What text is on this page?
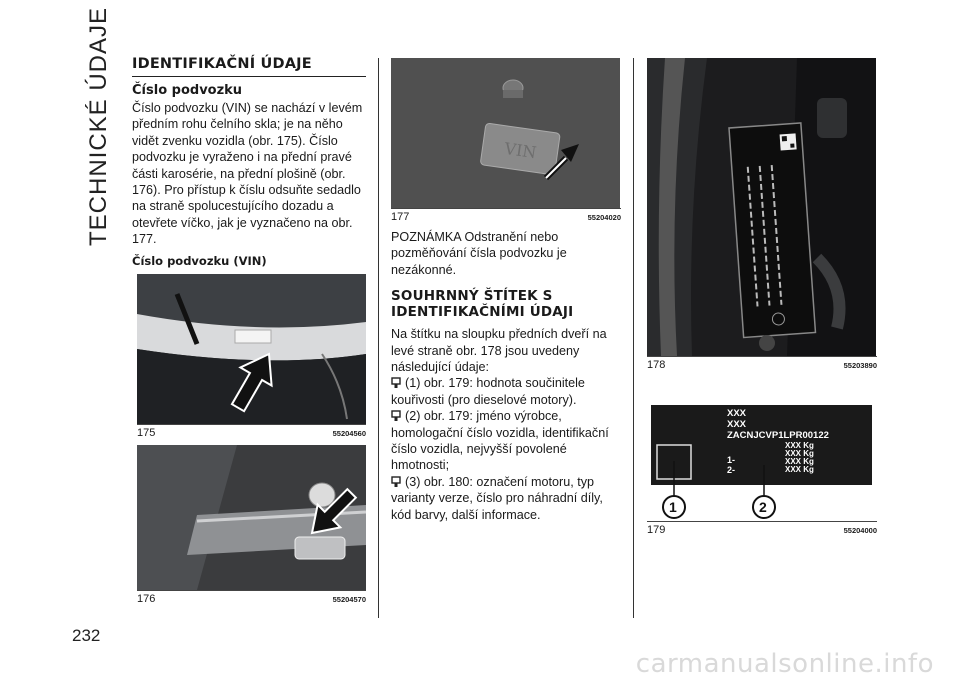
TECHNICKÉ ÚDAJE
232
IDENTIFIKAČNÍ ÚDAJE
Číslo podvozku

Číslo podvozku (VIN) se nachází v levém předním rohu čelního skla; je na něho vidět zvenku vozidla (obr. 175). Číslo podvozku je vyraženo i na přední pravé části karosérie, na přední plošině (obr. 176). Pro přístup k číslu odsuňte sedadlo na straně spolucestujícího dozadu a otevřete víčko, jak je vyznačeno na obr. 177.

Číslo podvozku (VIN)
175	55204560
176	55204570
VIN
177	55204020

POZNÁMKA Odstranění nebo pozměňování čísla podvozku je nezákonné.

SOUHRNNÝ ŠTÍTEK S IDENTIFIKAČNÍMI ÚDAJI

Na štítku na sloupku předních dveří na levé straně obr. 178 jsou uvedeny následující údaje:

(1) obr. 179: hodnota součinitele kouřivosti (pro dieselové motory).
(2) obr. 179: jméno výrobce, homologační číslo vozidla, identifikační číslo vozidla, nejvyšší povolené hmotnosti;
(3) obr. 180: označení motoru, typ varianty verze, číslo pro náhradní díly, kód barvy, další informace.
178	55203890
XXX
XXX
ZACNJCVP1LPR00122
XXX Kg
XXX Kg
XXX Kg
XXX Kg
1-
2-
1	2
179	55204000
carmanualsonline.info
